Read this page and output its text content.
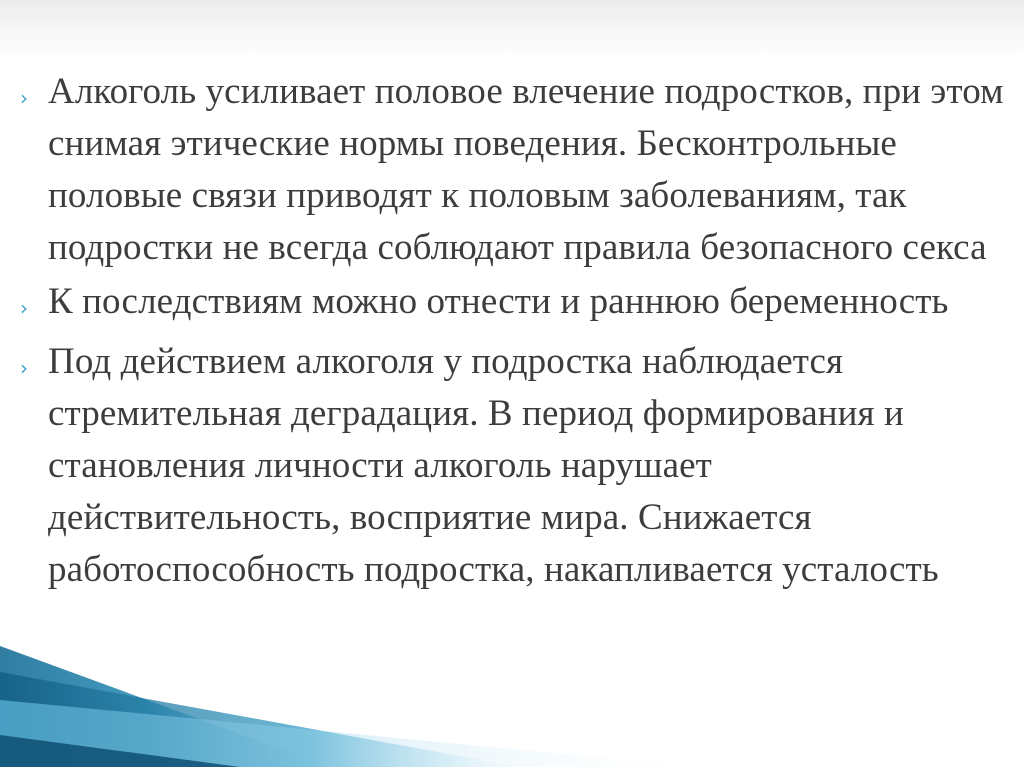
› Алкоголь усиливает половое влечение подростков, при этом снимая этические нормы поведения. Бесконтрольные половые связи приводят к половым заболеваниям, так подростки не всегда соблюдают правила безопасного секса
› К последствиям можно отнести и раннюю беременность
› Под действием алкоголя у подростка наблюдается стремительная деградация. В период формирования и становления личности алкоголь нарушает действительность, восприятие мира. Снижается работоспособность подростка, накапливается усталость
